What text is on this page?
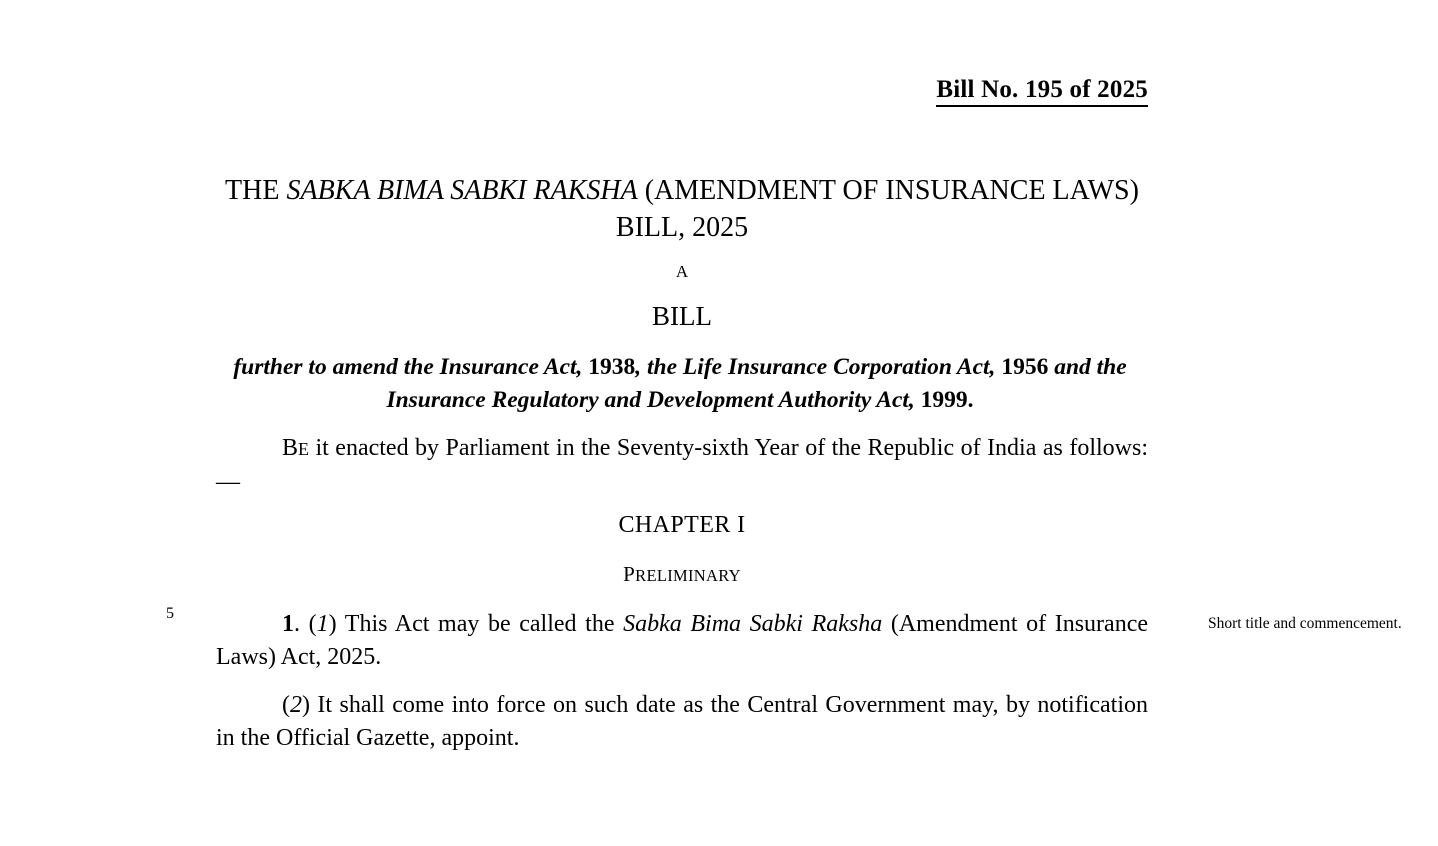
Bill No. 195 of 2025
THE SABKA BIMA SABKI RAKSHA (AMENDMENT OF INSURANCE LAWS) BILL, 2025
A
BILL
further to amend the Insurance Act, 1938, the Life Insurance Corporation Act, 1956 and the Insurance Regulatory and Development Authority Act, 1999.
BE it enacted by Parliament in the Seventy-sixth Year of the Republic of India as follows:—
CHAPTER I
PRELIMINARY
5	1. (1) This Act may be called the Sabka Bima Sabki Raksha (Amendment of Insurance Laws) Act, 2025.
(2) It shall come into force on such date as the Central Government may, by notification in the Official Gazette, appoint.
Short title and commencement.
